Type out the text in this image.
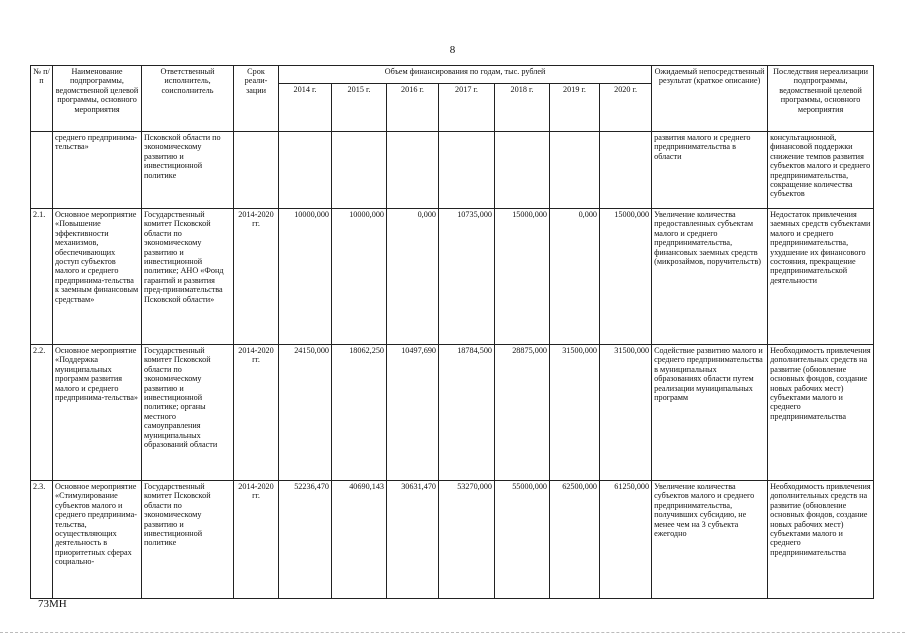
8
№ п/п	Наименование подпрограммы, ведомственной целевой программы, основного мероприятия	Ответственный исполнитель, соисполнитель	Срок реали-зации	Объем финансирования по годам, тыс. рублей							Ожидаемый непосредственный результат (краткое описание)	Последствия нереализации подпрограммы, ведомственной целевой программы, основного мероприятия
				2014 г.	2015 г.	2016 г.	2017 г.	2018 г.	2019 г.	2020 г.		
	среднего предпринима-тельства»	Псковской области по экономическому развитию и инвестиционной политике									развития малого и среднего предпринимательства в области	консультационной, финансовой поддержки снижение темпов развития субъектов малого и среднего предпринимательства, сокращение количества субъектов
2.1.	Основное мероприятие «Повышение эффективности механизмов, обеспечивающих доступ субъектов малого и среднего предпринима-тельства к заемным финансовым средствам»	Государственный комитет Псковской области по экономическому развитию и инвестиционной политике; АНО «Фонд гарантий и развития пред-принимательства Псковской области»	2014-2020 гг.	10000,000	10000,000	0,000	10735,000	15000,000	0,000	15000,000	Увеличение количества предоставленных субъектам малого и среднего предпринимательства, финансовых заемных средств (микрозаймов, поручительств)	Недостаток привлечения заемных средств субъектами малого и среднего предпринимательства, ухудшение их финансового состояния, прекращение предпринимательской деятельности
2.2.	Основное мероприятие «Поддержка муниципальных программ развития малого и среднего предпринима-тельства»	Государственный комитет Псковской области по экономическому развитию и инвестиционной политике; органы местного самоуправления муниципальных образований области	2014-2020 гг.	24150,000	18062,250	10497,690	18784,500	28875,000	31500,000	31500,000	Содействие развитию малого и среднего предпринимательства в муниципальных образованиях области путем реализации муниципальных программ	Необходимость привлечения дополнительных средств на развитие (обновление основных фондов, создание новых рабочих мест) субъектами малого и среднего предпринимательства
2.3.	Основное мероприятие «Стимулирование субъектов малого и среднего предпринима-тельства, осуществляющих деятельность в приоритетных сферах социально-	Государственный комитет Псковской области по экономическому развитию и инвестиционной политике	2014-2020 гг.	52236,470	40690,143	30631,470	53270,000	55000,000	62500,000	61250,000	Увеличение количества субъектов малого и среднего предпринимательства, получивших субсидию, не менее чем на 3 субъекта ежегодно	Необходимость привлечения дополнительных средств на развитие (обновление основных фондов, создание новых рабочих мест) субъектами малого и среднего предпринимательства
73МН
